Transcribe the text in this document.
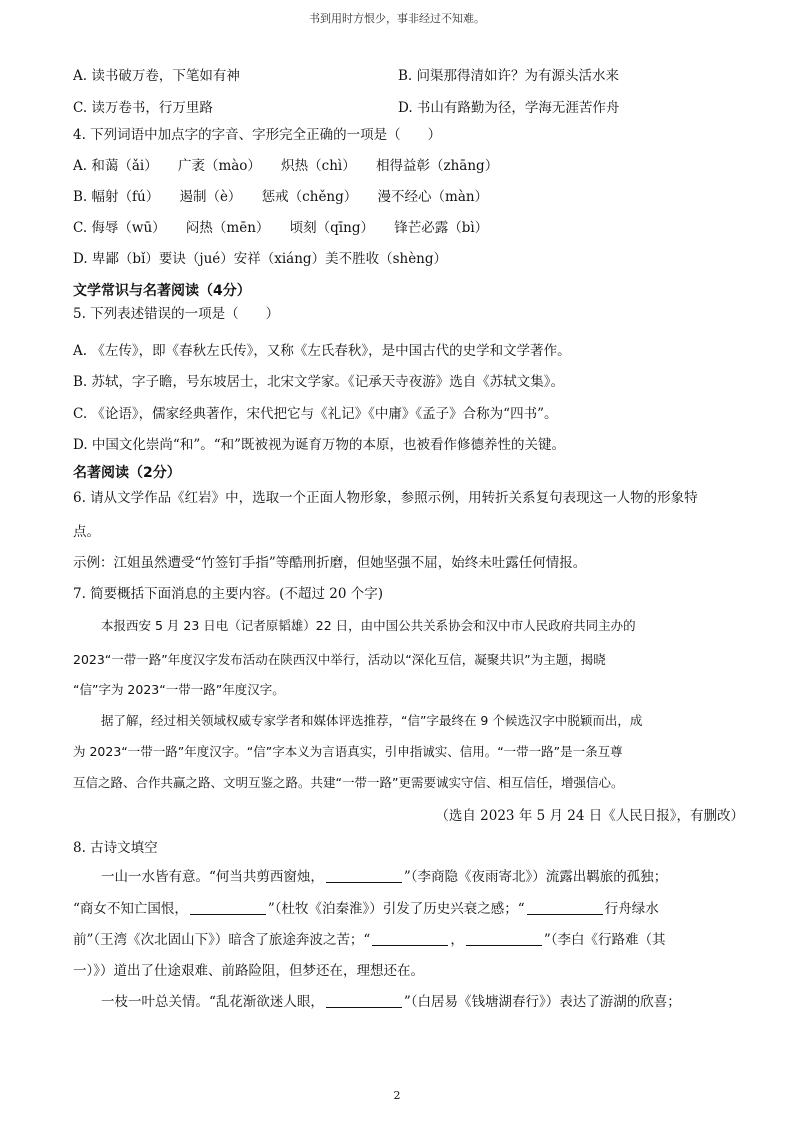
书到用时方恨少，事非经过不知难。
A. 读书破万卷，下笔如有神	B. 问渠那得清如许？为有源头活水来
C. 读万卷书，行万里路	D. 书山有路勤为径，学海无涯苦作舟
4. 下列词语中加点字的字音、字形完全正确的一项是（　　）
A. 和蔼（ǎi）　　广袤（mào）　　炽热（chì）　　相得益彰（zhāng）
B. 幅射（fú）　　遏制（è）　　惩戒（chěng）　　漫不经心（màn）
C. 侮辱（wū）　　闷热（mēn）　　顷刻（qīng）　　锋芒必露（bì）
D. 卑鄙（bǐ）要诀（jué）安祥（xiáng）美不胜收（shèng）
文学常识与名著阅读（4分）
5. 下列表述错误的一项是（　　）
A. 《左传》，即《春秋左氏传》，又称《左氏春秋》，是中国古代的史学和文学著作。
B. 苏轼，字子瞻，号东坡居士，北宋文学家。《记承天寺夜游》选自《苏轼文集》。
C. 《论语》，儒家经典著作，宋代把它与《礼记》《中庸》《孟子》合称为“四书”。
D. 中国文化崇尚“和”。“和”既被视为诞育万物的本原，也被看作修德养性的关键。
名著阅读（2分）
6. 请从文学作品《红岩》中，选取一个正面人物形象，参照示例，用转折关系复句表现这一人物的形象特
点。
示例：江姐虽然遭受“竹签钉手指”等酷刑折磨，但她坚强不屈，始终未吐露任何情报。
7. 简要概括下面消息的主要内容。(不超过 20 个字)
本报西安 5 月 23 日电（记者原韬雄）22 日，由中国公共关系协会和汉中市人民政府共同主办的
2023“一带一路”年度汉字发布活动在陕西汉中举行，活动以“深化互信，凝聚共识”为主题，揭晓
“信”字为 2023“一带一路”年度汉字。
据了解，经过相关领域权威专家学者和媒体评选推荐，“信”字最终在 9 个候选汉字中脱颖而出，成
为 2023“一带一路”年度汉字。“信”字本义为言语真实，引申指诚实、信用。“一带一路”是一条互尊
互信之路、合作共赢之路、文明互鉴之路。共建“一带一路”更需要诚实守信、相互信任，增强信心。
（选自 2023 年 5 月 24 日《人民日报》，有删改）
8. 古诗文填空
一山一水皆有意。“何当共剪西窗烛，	”（李商隐《夜雨寄北》）流露出羁旅的孤独；
“商女不知亡国恨，	”（杜牧《泊秦淮》）引发了历史兴衰之感；“	行舟绿水
前”（王湾《次北固山下》）暗含了旅途奔波之苦；“	，	”（李白《行路难（其
一）》）道出了仕途艰难、前路险阻，但梦还在，理想还在。
一枝一叶总关情。“乱花渐欲迷人眼，	”（白居易《钱塘湖春行》）表达了游湖的欣喜；
2
